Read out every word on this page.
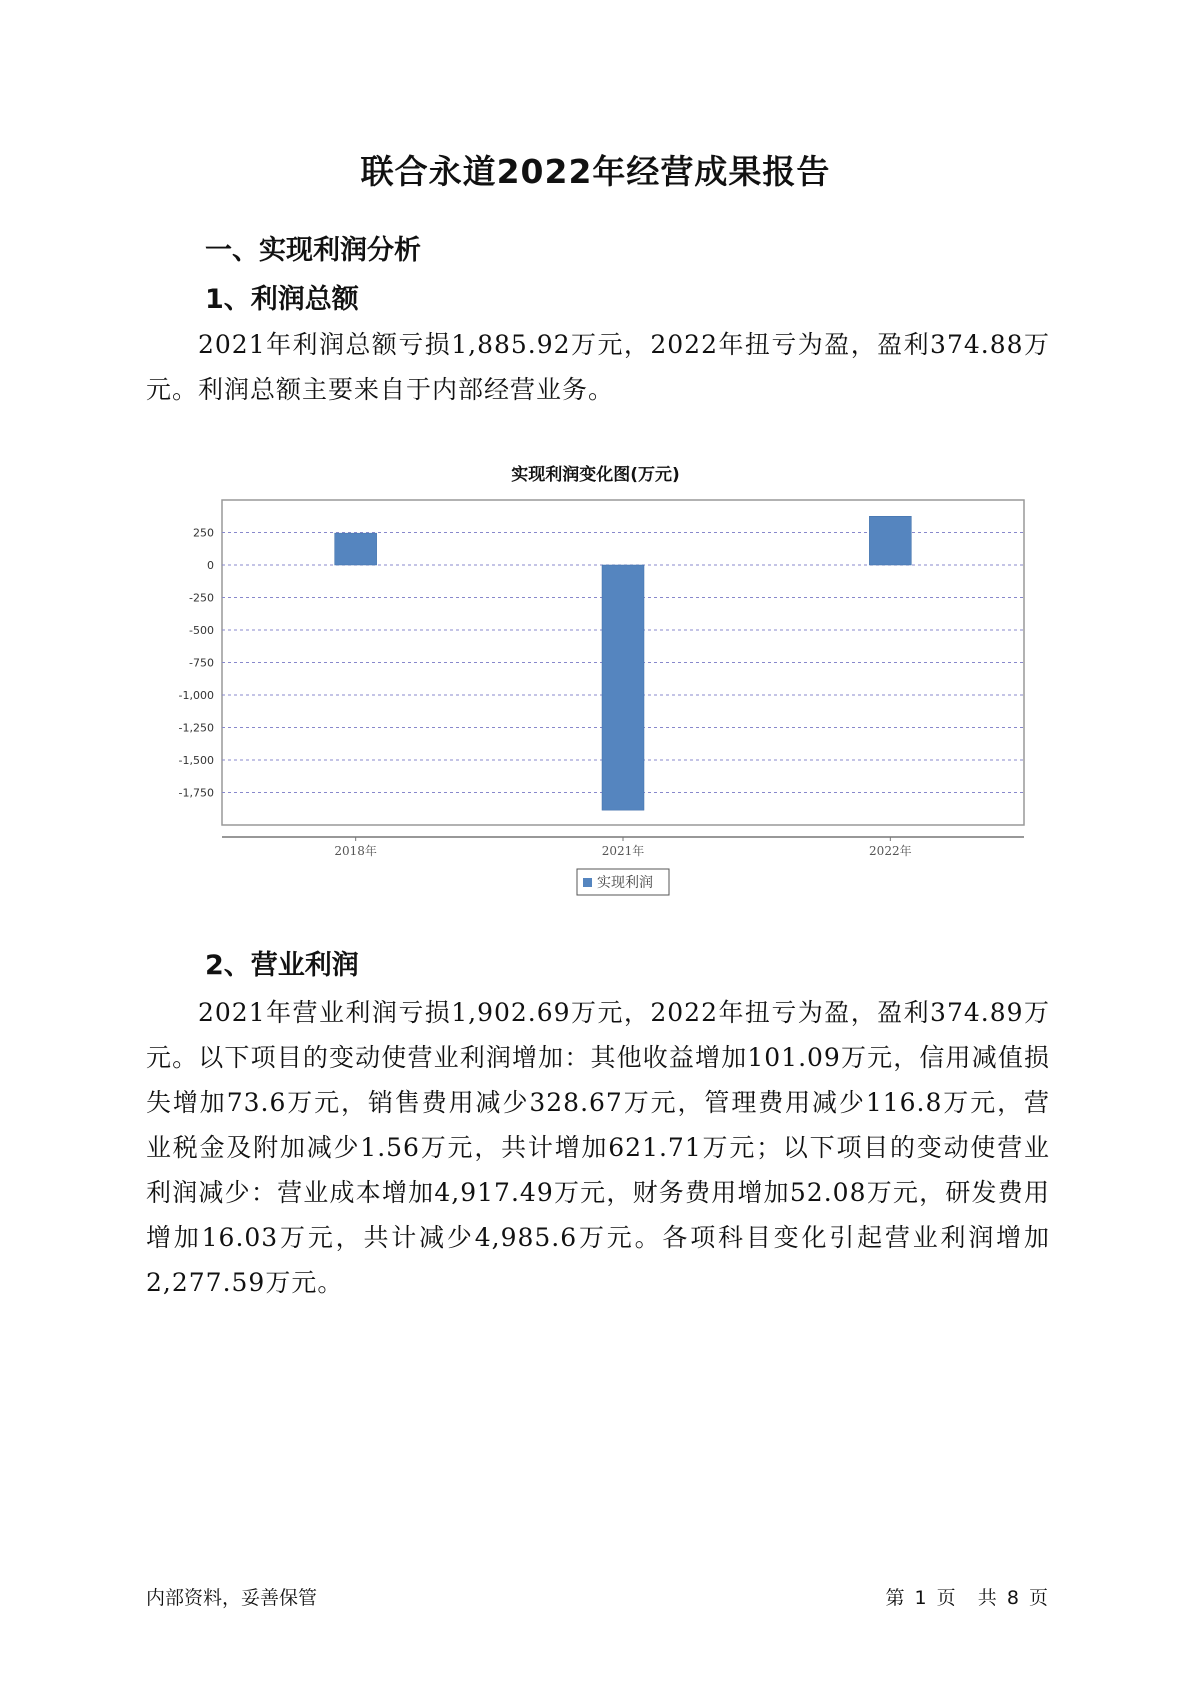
联合永道2022年经营成果报告
一、实现利润分析
1、利润总额

2021年利润总额亏损1,885.92万元，2022年扭亏为盈，盈利374.88万元。利润总额主要来自于内部经营业务。

实现利润变化图(万元)
250
0
-250
-500
-750
-1,000
-1,250
-1,500
-1,750
2018年	2021年	2022年
实现利润
2、营业利润

2021年营业利润亏损1,902.69万元，2022年扭亏为盈，盈利374.89万元。以下项目的变动使营业利润增加：其他收益增加101.09万元，信用减值损失增加73.6万元，销售费用减少328.67万元，管理费用减少116.8万元，营业税金及附加减少1.56万元，共计增加621.71万元；以下项目的变动使营业利润减少：营业成本增加4,917.49万元，财务费用增加52.08万元，研发费用增加16.03万元，共计减少4,985.6万元。各项科目变化引起营业利润增加2,277.59万元。

内部资料，妥善保管	第 1 页 共 8 页
